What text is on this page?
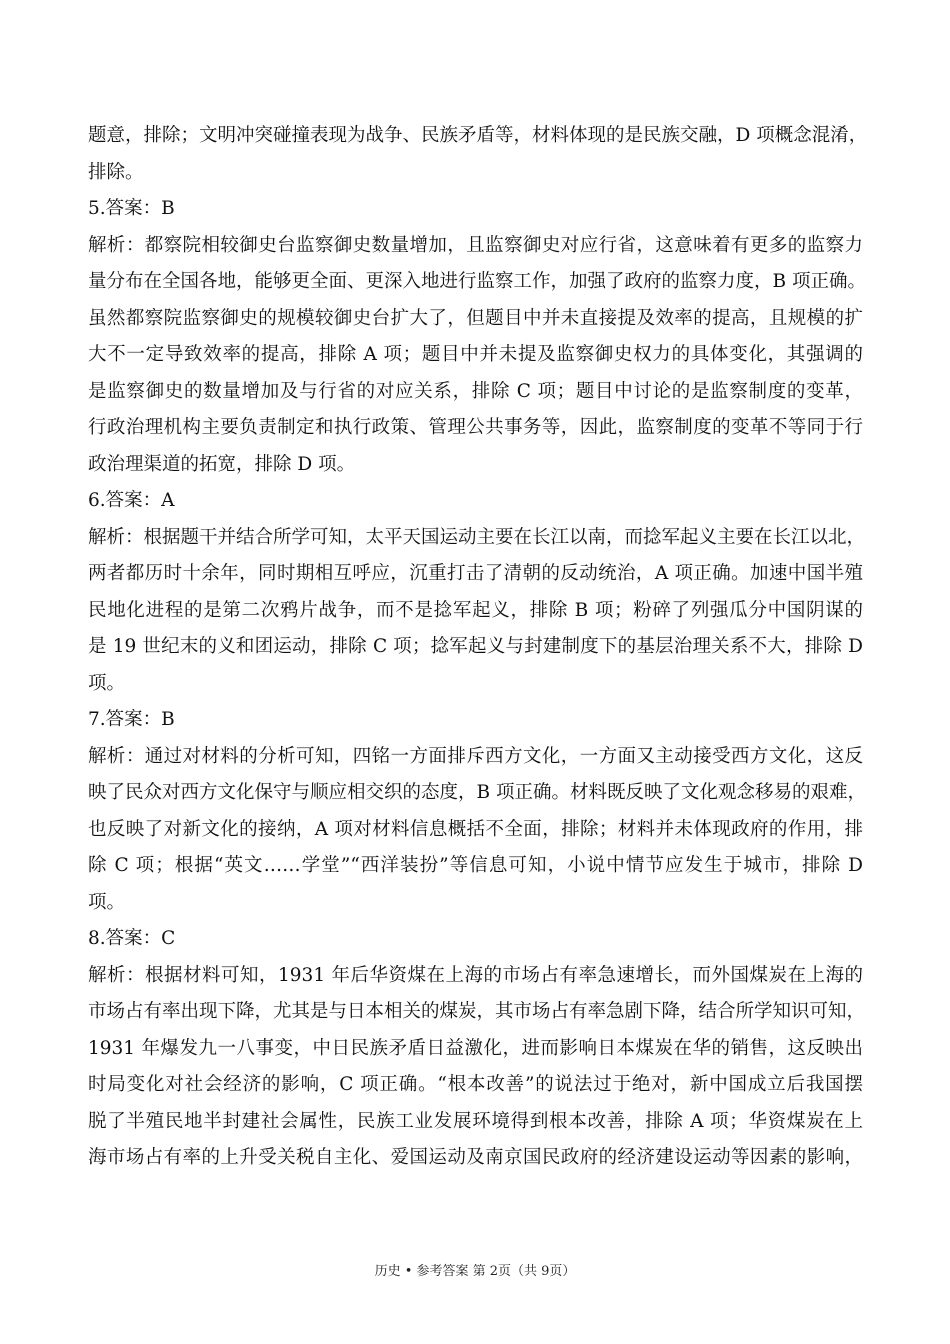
题意，排除；文明冲突碰撞表现为战争、民族矛盾等，材料体现的是民族交融，D 项概念混淆，
排除。
5.答案：B
解析：都察院相较御史台监察御史数量增加，且监察御史对应行省，这意味着有更多的监察力
量分布在全国各地，能够更全面、更深入地进行监察工作，加强了政府的监察力度，B 项正确。
虽然都察院监察御史的规模较御史台扩大了，但题目中并未直接提及效率的提高，且规模的扩
大不一定导致效率的提高，排除 A 项；题目中并未提及监察御史权力的具体变化，其强调的
是监察御史的数量增加及与行省的对应关系，排除 C 项；题目中讨论的是监察制度的变革，
行政治理机构主要负责制定和执行政策、管理公共事务等，因此，监察制度的变革不等同于行
政治理渠道的拓宽，排除 D 项。
6.答案：A
解析：根据题干并结合所学可知，太平天国运动主要在长江以南，而捻军起义主要在长江以北，
两者都历时十余年，同时期相互呼应，沉重打击了清朝的反动统治，A 项正确。加速中国半殖
民地化进程的是第二次鸦片战争，而不是捻军起义，排除 B 项；粉碎了列强瓜分中国阴谋的
是 19 世纪末的义和团运动，排除 C 项；捻军起义与封建制度下的基层治理关系不大，排除 D
项。
7.答案：B
解析：通过对材料的分析可知，四铭一方面排斥西方文化，一方面又主动接受西方文化，这反
映了民众对西方文化保守与顺应相交织的态度，B 项正确。材料既反映了文化观念移易的艰难，
也反映了对新文化的接纳，A 项对材料信息概括不全面，排除；材料并未体现政府的作用，排
除 C 项；根据“英文……学堂”“西洋装扮”等信息可知，小说中情节应发生于城市，排除 D
项。
8.答案：C
解析：根据材料可知，1931 年后华资煤在上海的市场占有率急速增长，而外国煤炭在上海的
市场占有率出现下降，尤其是与日本相关的煤炭，其市场占有率急剧下降，结合所学知识可知，
1931 年爆发九一八事变，中日民族矛盾日益激化，进而影响日本煤炭在华的销售，这反映出
时局变化对社会经济的影响，C 项正确。“根本改善”的说法过于绝对，新中国成立后我国摆
脱了半殖民地半封建社会属性，民族工业发展环境得到根本改善，排除 A 项；华资煤炭在上
海市场占有率的上升受关税自主化、爱国运动及南京国民政府的经济建设运动等因素的影响，
历史 • 参考答案 第 2页（共 9页）
